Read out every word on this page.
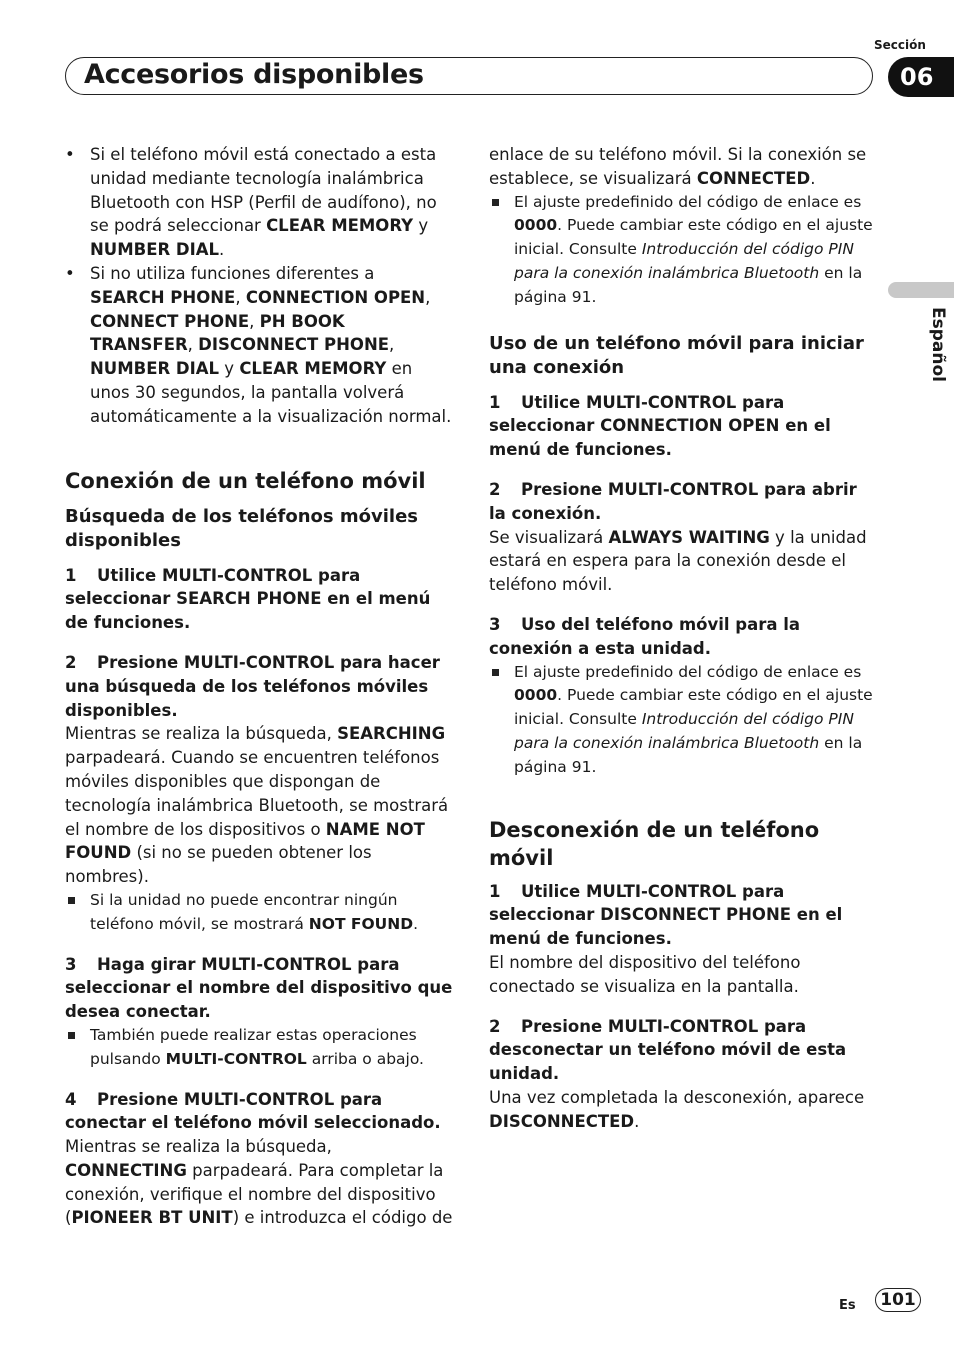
Sección
Accesorios disponibles	06
Español

• Si el teléfono móvil está conectado a esta unidad mediante tecnología inalámbrica Bluetooth con HSP (Perfil de audífono), no se podrá seleccionar CLEAR MEMORY y NUMBER DIAL.

• Si no utiliza funciones diferentes a SEARCH PHONE, CONNECTION OPEN, CONNECT PHONE, PH BOOK TRANSFER, DISCONNECT PHONE, NUMBER DIAL y CLEAR MEMORY en unos 30 segundos, la pantalla volverá automáticamente a la visualización normal.

Conexión de un teléfono móvil

Búsqueda de los teléfonos móviles disponibles

1 Utilice MULTI-CONTROL para seleccionar SEARCH PHONE en el menú de funciones.

2 Presione MULTI-CONTROL para hacer una búsqueda de los teléfonos móviles disponibles.

Mientras se realiza la búsqueda, SEARCHING parpadeará. Cuando se encuentren teléfonos móviles disponibles que dispongan de tecnología inalámbrica Bluetooth, se mostrará el nombre de los dispositivos o NAME NOT FOUND (si no se pueden obtener los nombres).

Si la unidad no puede encontrar ningún teléfono móvil, se mostrará NOT FOUND.

3 Haga girar MULTI-CONTROL para seleccionar el nombre del dispositivo que desea conectar.

También puede realizar estas operaciones pulsando MULTI-CONTROL arriba o abajo.

4 Presione MULTI-CONTROL para conectar el teléfono móvil seleccionado.

Mientras se realiza la búsqueda, CONNECTING parpadeará. Para completar la conexión, verifique el nombre del dispositivo (PIONEER BT UNIT) e introduzca el código de

enlace de su teléfono móvil. Si la conexión se establece, se visualizará CONNECTED.

El ajuste predefinido del código de enlace es 0000. Puede cambiar este código en el ajuste inicial. Consulte Introducción del código PIN para la conexión inalámbrica Bluetooth en la página 91.

Uso de un teléfono móvil para iniciar una conexión

1 Utilice MULTI-CONTROL para seleccionar CONNECTION OPEN en el menú de funciones.

2 Presione MULTI-CONTROL para abrir la conexión.

Se visualizará ALWAYS WAITING y la unidad estará en espera para la conexión desde el teléfono móvil.

3 Uso del teléfono móvil para la conexión a esta unidad.

El ajuste predefinido del código de enlace es 0000. Puede cambiar este código en el ajuste inicial. Consulte Introducción del código PIN para la conexión inalámbrica Bluetooth en la página 91.

Desconexión de un teléfono móvil

1 Utilice MULTI-CONTROL para seleccionar DISCONNECT PHONE en el menú de funciones.

El nombre del dispositivo del teléfono conectado se visualiza en la pantalla.

2 Presione MULTI-CONTROL para desconectar un teléfono móvil de esta unidad.

Una vez completada la desconexión, aparece DISCONNECTED.

Es	101
